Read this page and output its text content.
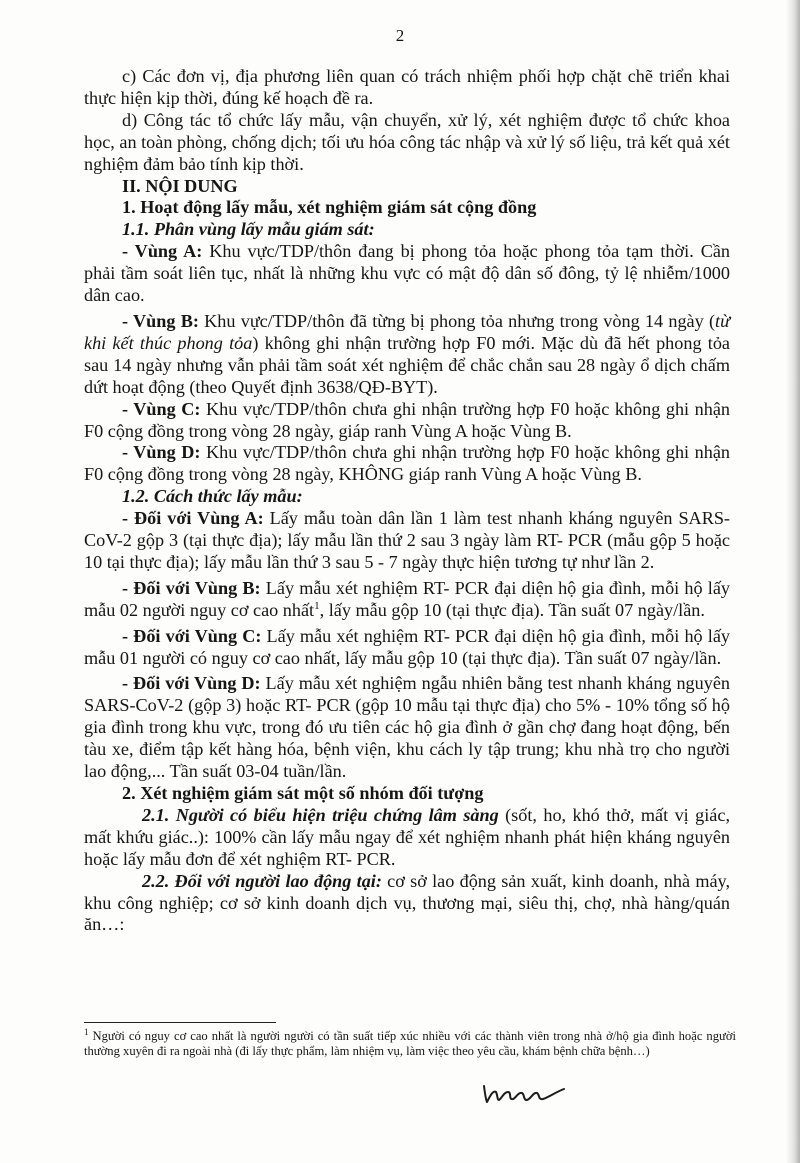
2

c) Các đơn vị, địa phương liên quan có trách nhiệm phối hợp chặt chẽ triển khai thực hiện kịp thời, đúng kế hoạch đề ra.

d) Công tác tổ chức lấy mẫu, vận chuyển, xử lý, xét nghiệm được tổ chức khoa học, an toàn phòng, chống dịch; tối ưu hóa công tác nhập và xử lý số liệu, trả kết quả xét nghiệm đảm bảo tính kịp thời.

II. NỘI DUNG

1. Hoạt động lấy mẫu, xét nghiệm giám sát cộng đồng

1.1. Phân vùng lấy mẫu giám sát:

- Vùng A: Khu vực/TDP/thôn đang bị phong tỏa hoặc phong tỏa tạm thời. Cần phải tầm soát liên tục, nhất là những khu vực có mật độ dân số đông, tỷ lệ nhiễm/1000 dân cao.

- Vùng B: Khu vực/TDP/thôn đã từng bị phong tỏa nhưng trong vòng 14 ngày (từ khi kết thúc phong tỏa) không ghi nhận trường hợp F0 mới. Mặc dù đã hết phong tỏa sau 14 ngày nhưng vẫn phải tầm soát xét nghiệm để chắc chắn sau 28 ngày ổ dịch chấm dứt hoạt động (theo Quyết định 3638/QĐ-BYT).

- Vùng C: Khu vực/TDP/thôn chưa ghi nhận trường hợp F0 hoặc không ghi nhận F0 cộng đồng trong vòng 28 ngày, giáp ranh Vùng A hoặc Vùng B.

- Vùng D: Khu vực/TDP/thôn chưa ghi nhận trường hợp F0 hoặc không ghi nhận F0 cộng đồng trong vòng 28 ngày, KHÔNG giáp ranh Vùng A hoặc Vùng B.

1.2. Cách thức lấy mẫu:

- Đối với Vùng A: Lấy mẫu toàn dân lần 1 làm test nhanh kháng nguyên SARS-CoV-2 gộp 3 (tại thực địa); lấy mẫu lần thứ 2 sau 3 ngày làm RT- PCR (mẫu gộp 5 hoặc 10 tại thực địa); lấy mẫu lần thứ 3 sau 5 - 7 ngày thực hiện tương tự như lần 2.

- Đối với Vùng B: Lấy mẫu xét nghiệm RT- PCR đại diện hộ gia đình, mỗi hộ lấy mẫu 02 người nguy cơ cao nhất$^1$, lấy mẫu gộp 10 (tại thực địa). Tần suất 07 ngày/lần.

- Đối với Vùng C: Lấy mẫu xét nghiệm RT- PCR đại diện hộ gia đình, mỗi hộ lấy mẫu 01 người có nguy cơ cao nhất, lấy mẫu gộp 10 (tại thực địa). Tần suất 07 ngày/lần.

- Đối với Vùng D: Lấy mẫu xét nghiệm ngẫu nhiên bằng test nhanh kháng nguyên SARS-CoV-2 (gộp 3) hoặc RT- PCR (gộp 10 mẫu tại thực địa) cho 5% - 10% tổng số hộ gia đình trong khu vực, trong đó ưu tiên các hộ gia đình ở gần chợ đang hoạt động, bến tàu xe, điểm tập kết hàng hóa, bệnh viện, khu cách ly tập trung; khu nhà trọ cho người lao động,... Tần suất 03-04 tuần/lần.

2. Xét nghiệm giám sát một số nhóm đối tượng

2.1. Người có biểu hiện triệu chứng lâm sàng (sốt, ho, khó thở, mất vị giác, mất khứu giác..): 100% cần lấy mẫu ngay để xét nghiệm nhanh phát hiện kháng nguyên hoặc lấy mẫu đơn để xét nghiệm RT- PCR.

2.2. Đối với người lao động tại: cơ sở lao động sản xuất, kinh doanh, nhà máy, khu công nghiệp; cơ sở kinh doanh dịch vụ, thương mại, siêu thị, chợ, nhà hàng/quán ăn…:

$^1$ Người có nguy cơ cao nhất là người người có tần suất tiếp xúc nhiều với các thành viên trong nhà ở/hộ gia đình hoặc người thường xuyên đi ra ngoài nhà (đi lấy thực phẩm, làm nhiệm vụ, làm việc theo yêu cầu, khám bệnh chữa bệnh…)
